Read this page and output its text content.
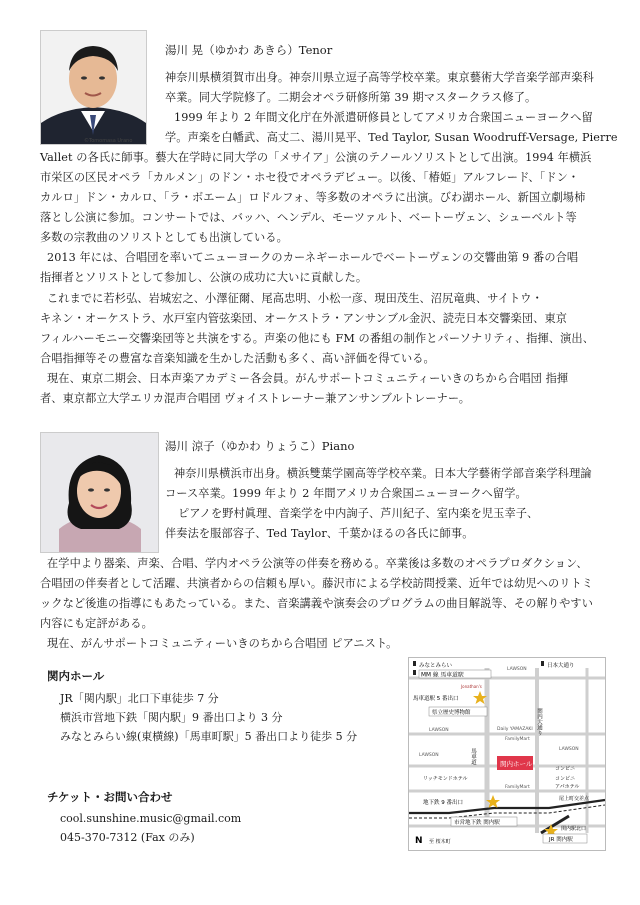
©Tomomasa Urano
湯川 晃（ゆかわ あきら）Tenor
神奈川県横須賀市出身。神奈川県立逗子高等学校卒業。東京藝術大学音楽学部声楽科
卒業。同大学院修了。二期会オペラ研修所第 39 期マスタークラス修了。
1999 年より 2 年間文化庁在外派遣研修員としてアメリカ合衆国ニューヨークへ留
学。声楽を白幡武、高丈二、湯川晃平、Ted Taylor, Susan Woodruff-Versage, Pierre
Vallet の各氏に師事。藝大在学時に同大学の「メサイア」公演のテノールソリストとして出演。1994 年横浜
市栄区の区民オペラ「カルメン」のドン・ホセ役でオペラデビュー。以後、「椿姫」アルフレード、「ドン・
カルロ」ドン・カルロ、「ラ・ボエーム」ロドルフォ、等多数のオペラに出演。びわ湖ホール、新国立劇場柿
落とし公演に参加。コンサートでは、バッハ、ヘンデル、モーツァルト、ベートーヴェン、シューベルト等
多数の宗教曲のソリストとしても出演している。
2013 年には、合唱団を率いてニューヨークのカーネギーホールでベートーヴェンの交響曲第 9 番の合唱
指揮者とソリストとして参加し、公演の成功に大いに貢献した。
これまでに若杉弘、岩城宏之、小澤征爾、尾高忠明、小松一彦、現田茂生、沼尻竜典、サイトウ・
キネン・オーケストラ、水戸室内管弦楽団、オーケストラ・アンサンブル金沢、読売日本交響楽団、東京
フィルハーモニー交響楽団等と共演をする。声楽の他にも FM の番組の制作とパーソナリティ、指揮、演出、
合唱指揮等その豊富な音楽知識を生かした活動も多く、高い評価を得ている。
現在、東京二期会、日本声楽アカデミー各会員。がんサポートコミュニティーいきのちから合唱団 指揮
者、東京都立大学エリカ混声合唱団 ヴォイストレーナー兼アンサンブルトレーナー。
湯川 涼子（ゆかわ りょうこ）Piano
神奈川県横浜市出身。横浜雙葉学園高等学校卒業。日本大学藝術学部音楽学科理論
コース卒業。1999 年より 2 年間アメリカ合衆国ニューヨークへ留学。
ピアノを野村眞理、音楽学を中内詢子、芦川紀子、室内楽を児玉幸子、
伴奏法を服部容子、Ted Taylor、千葉かほるの各氏に師事。
在学中より器楽、声楽、合唱、学内オペラ公演等の伴奏を務める。卒業後は多数のオペラプロダクション、
合唱団の伴奏者として活躍、共演者からの信頼も厚い。藤沢市による学校訪問授業、近年では幼児へのリトミ
ックなど後進の指導にもあたっている。また、音楽講義や演奏会のプログラムの曲目解説等、その解りやすい
内容にも定評がある。
現在、がんサポートコミュニティーいきのちから合唱団 ピアニスト。
関内ホール
JR「関内駅」北口下車徒歩 7 分
横浜市営地下鉄「関内駅」9 番出口より 3 分
みなとみらい線(東横線)「馬車町駅」5 番出口より徒歩 5 分
チケット・お問い合わせ
cool.sunshine.music@gmail.com
045-370-7312 (Fax のみ)	N
みなとみらい
MM 線 馬車道駅
LAWSON
日本大通り
Jonathan's
馬車道駅 5 番出口
県立歴史博物館
馬車道
関内大通り
Daily YAMAZAKI
FamilyMart
LAWSON
LAWSON
関内ホール
コンビニ
リッチモンドホテル	コンビニ
アパホテル
FamilyMart
LAWSON
地下鉄 9 番出口
市営地下鉄 関内駅
尾上町交差点
関内駅北口
JR 関内駅
至 桜木町
